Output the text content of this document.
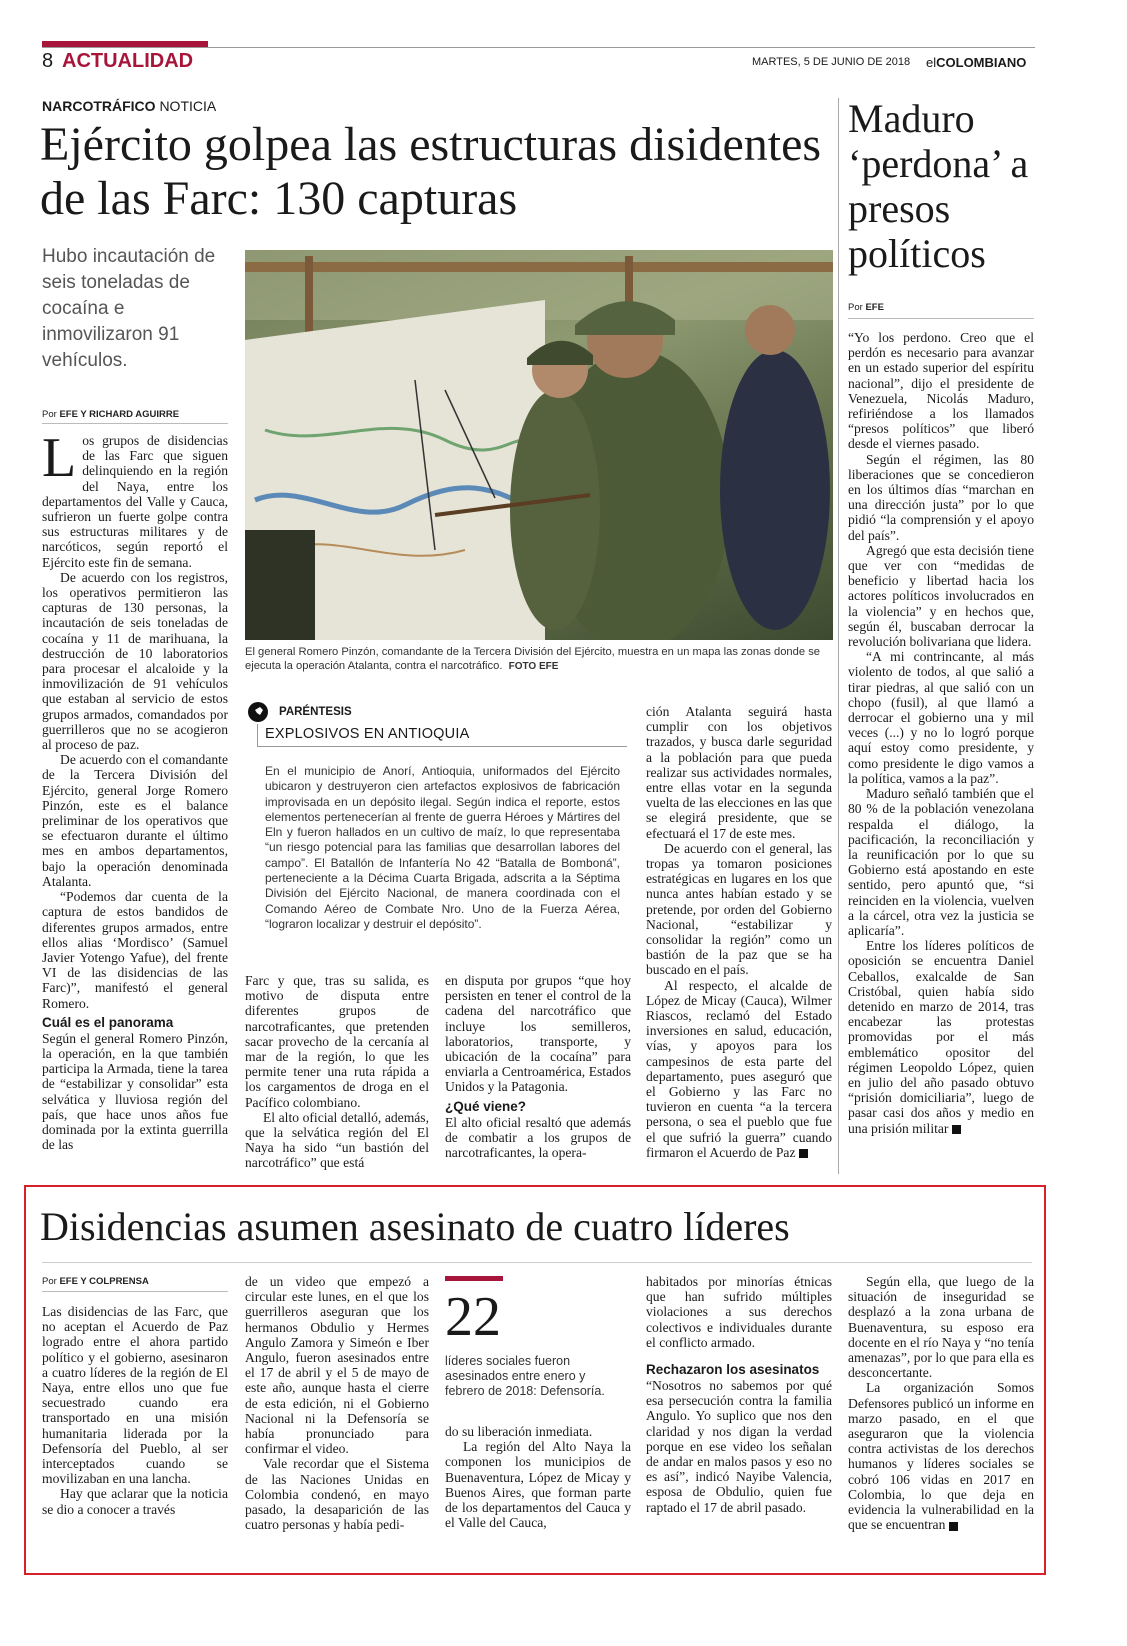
8 ACTUALIDAD	MARTES, 5 DE JUNIO DE 2018 elCOLOMBIANO
NARCOTRÁFICO NOTICIA
Ejército golpea las estructuras disidentes de las Farc: 130 capturas
Hubo incautación de seis toneladas de cocaína e inmovilizaron 91 vehículos.
Por EFE Y RICHARD AGUIRRE
El general Romero Pinzón, comandante de la Tercera División del Ejército, muestra en un mapa las zonas donde se ejecuta la operación Atalanta, contra el narcotráfico. FOTO EFE

Los grupos de disidencias de las Farc que siguen delinquiendo en la región del Naya, entre los departamentos del Valle y Cauca, sufrieron un fuerte golpe contra sus estructuras militares y de narcóticos, según reportó el Ejército este fin de semana.

De acuerdo con los registros, los operativos permitieron las capturas de 130 personas, la incautación de seis toneladas de cocaína y 11 de marihuana, la destrucción de 10 laboratorios para procesar el alcaloide y la inmovilización de 91 vehículos que estaban al servicio de estos grupos armados, comandados por guerrilleros que no se acogieron al proceso de paz.

De acuerdo con el comandante de la Tercera División del Ejército, general Jorge Romero Pinzón, este es el balance preliminar de los operativos que se efectuaron durante el último mes en ambos departamentos, bajo la operación denominada Atalanta.

“Podemos dar cuenta de la captura de estos bandidos de diferentes grupos armados, entre ellos alias ‘Mordisco’ (Samuel Javier Yotengo Yafue), del frente VI de las disidencias de las Farc)”, manifestó el general Romero.

Cuál es el panorama

Según el general Romero Pinzón, la operación, en la que también participa la Armada, tiene la tarea de “estabilizar y consolidar” esta selvática y lluviosa región del país, que hace unos años fue dominada por la extinta guerrilla de las

PARÉNTESIS
EXPLOSIVOS EN ANTIOQUIA
En el municipio de Anorí, Antioquia, uniformados del Ejército ubicaron y destruyeron cien artefactos explosivos de fabricación improvisada en un depósito ilegal. Según indica el reporte, estos elementos pertenecerían al frente de guerra Héroes y Mártires del Eln y fueron hallados en un cultivo de maíz, lo que representaba “un riesgo potencial para las familias que desarrollan labores del campo”. El Batallón de Infantería No 42 “Batalla de Bomboná”, perteneciente a la Décima Cuarta Brigada, adscrita a la Séptima División del Ejército Nacional, de manera coordinada con el Comando Aéreo de Combate Nro. Uno de la Fuerza Aérea, “lograron localizar y destruir el depósito”.

Farc y que, tras su salida, es motivo de disputa entre diferentes grupos de narcotraficantes, que pretenden sacar provecho de la cercanía al mar de la región, lo que les permite tener una ruta rápida a los cargamentos de droga en el Pacífico colombiano.

El alto oficial detalló, además, que la selvática región del El Naya ha sido “un bastión del narcotráfico” que está

en disputa por grupos “que hoy persisten en tener el control de la cadena del narcotráfico que incluye los semilleros, laboratorios, transporte, y ubicación de la cocaína” para enviarla a Centroamérica, Estados Unidos y la Patagonia.

¿Qué viene?

El alto oficial resaltó que además de combatir a los grupos de narcotraficantes, la opera-

ción Atalanta seguirá hasta cumplir con los objetivos trazados, y busca darle seguridad a la población para que pueda realizar sus actividades normales, entre ellas votar en la segunda vuelta de las elecciones en las que se elegirá presidente, que se efectuará el 17 de este mes.

De acuerdo con el general, las tropas ya tomaron posiciones estratégicas en lugares en los que nunca antes habían estado y se pretende, por orden del Gobierno Nacional, “estabilizar y consolidar la región” como un bastión de la paz que se ha buscado en el país.

Al respecto, el alcalde de López de Micay (Cauca), Wilmer Riascos, reclamó del Estado inversiones en salud, educación, vías, y apoyos para los campesinos de esta parte del departamento, pues aseguró que el Gobierno y las Farc no tuvieron en cuenta “a la tercera persona, o sea el pueblo que fue el que sufrió la guerra” cuando firmaron el Acuerdo de Paz

Maduro ‘perdona’ a presos políticos
Por EFE

“Yo los perdono. Creo que el perdón es necesario para avanzar en un estado superior del espíritu nacional”, dijo el presidente de Venezuela, Nicolás Maduro, refiriéndose a los llamados “presos políticos” que liberó desde el viernes pasado.

Según el régimen, las 80 liberaciones que se concedieron en los últimos días “marchan en una dirección justa” por lo que pidió “la comprensión y el apoyo del país”.

Agregó que esta decisión tiene que ver con “medidas de beneficio y libertad hacia los actores políticos involucrados en la violencia” y en hechos que, según él, buscaban derrocar la revolución bolivariana que lidera.

“A mi contrincante, al más violento de todos, al que salió a tirar piedras, al que salió con un chopo (fusil), al que llamó a derrocar el gobierno una y mil veces (...) y no lo logró porque aquí estoy como presidente, y como presidente le digo vamos a la política, vamos a la paz”.

Maduro señaló también que el 80 % de la población venezolana respalda el diálogo, la pacificación, la reconciliación y la reunificación por lo que su Gobierno está apostando en este sentido, pero apuntó que, “si reinciden en la violencia, vuelven a la cárcel, otra vez la justicia se aplicaría”.

Entre los líderes políticos de oposición se encuentra Daniel Ceballos, exalcalde de San Cristóbal, quien había sido detenido en marzo de 2014, tras encabezar las protestas promovidas por el más emblemático opositor del régimen Leopoldo López, quien en julio del año pasado obtuvo “prisión domiciliaria”, luego de pasar casi dos años y medio en una prisión militar

Disidencias asumen asesinato de cuatro líderes
Por EFE Y COLPRENSA

Las disidencias de las Farc, que no aceptan el Acuerdo de Paz logrado entre el ahora partido político y el gobierno, asesinaron a cuatro líderes de la región de El Naya, entre ellos uno que fue secuestrado cuando era transportado en una misión humanitaria liderada por la Defensoría del Pueblo, al ser interceptados cuando se movilizaban en una lancha.

Hay que aclarar que la noticia se dio a conocer a través

de un video que empezó a circular este lunes, en el que los guerrilleros aseguran que los hermanos Obdulio y Hermes Angulo Zamora y Simeón e Iber Angulo, fueron asesinados entre el 17 de abril y el 5 de mayo de este año, aunque hasta el cierre de esta edición, ni el Gobierno Nacional ni la Defensoría se había pronunciado para confirmar el video.

Vale recordar que el Sistema de las Naciones Unidas en Colombia condenó, en mayo pasado, la desaparición de las cuatro personas y había pedi-

22
líderes sociales fueron asesinados entre enero y febrero de 2018: Defensoría.

do su liberación inmediata.

La región del Alto Naya la componen los municipios de Buenaventura, López de Micay y Buenos Aires, que forman parte de los departamentos del Cauca y el Valle del Cauca,

habitados por minorías étnicas que han sufrido múltiples violaciones a sus derechos colectivos e individuales durante el conflicto armado.

Rechazaron los asesinatos

“Nosotros no sabemos por qué esa persecución contra la familia Angulo. Yo suplico que nos den claridad y nos digan la verdad porque en ese video los señalan de andar en malos pasos y eso no es así”, indicó Nayibe Valencia, esposa de Obdulio, quien fue raptado el 17 de abril pasado.

Según ella, que luego de la situación de inseguridad se desplazó a la zona urbana de Buenaventura, su esposo era docente en el río Naya y “no tenía amenazas”, por lo que para ella es desconcertante.

La organización Somos Defensores publicó un informe en marzo pasado, en el que aseguraron que la violencia contra activistas de los derechos humanos y líderes sociales se cobró 106 vidas en 2017 en Colombia, lo que deja en evidencia la vulnerabilidad en la que se encuentran
